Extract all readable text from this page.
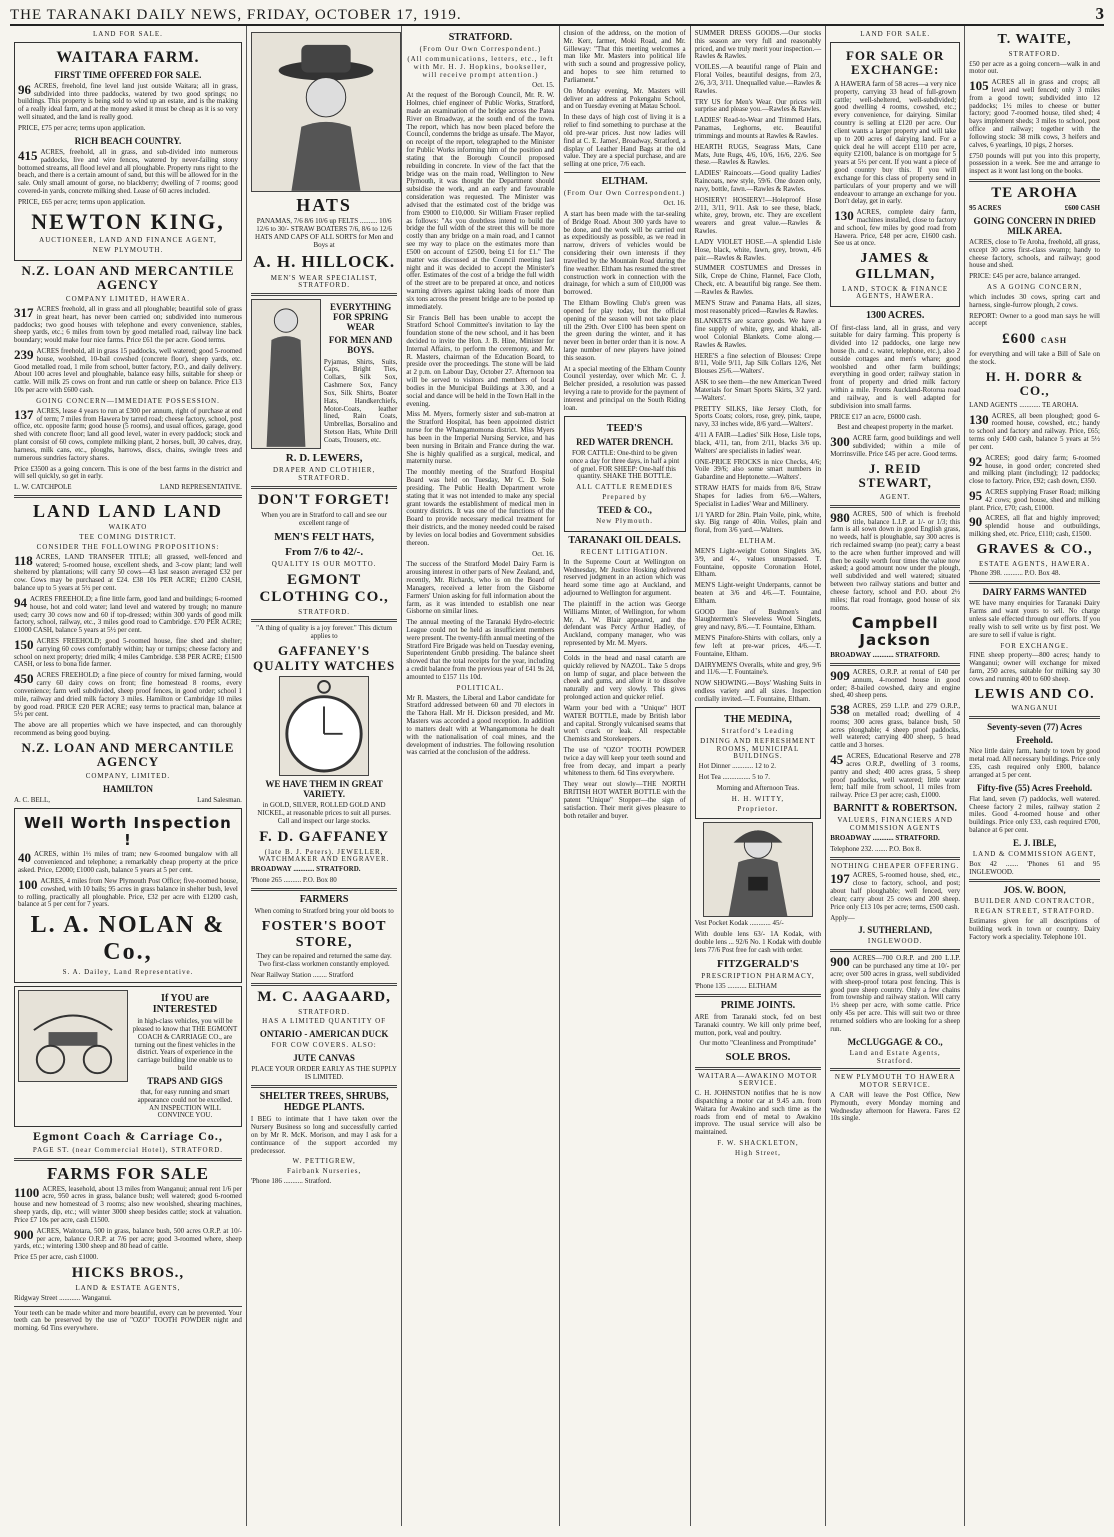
THE TARANAKI DAILY NEWS, FRIDAY, OCTOBER 17, 1919.	3
LAND FOR SALE.
WAITARA FARM.
FIRST TIME OFFERED FOR SALE.
96 ACRES, freehold, fine level land just outside Waitara; all in grass, subdivided into three paddocks, watered by two good springs; no buildings. This property is being sold to wind up an estate, and is the making of a really ideal farm, and at the money asked it must be cheap as it is so very well situated, and the land is really good.
PRICE, £75 per acre; terms upon application.
RICH BEACH COUNTRY.
415 ACRES, freehold, all in grass, and sub-divided into numerous paddocks, live and wire fences, watered by never-failing stony bottomed streams, all flood level and all ploughable. Property runs right to the beach, and there is a certain amount of sand, but this will be allowed for in the sale. Only small amount of gorse, no blackberry; dwelling of 7 rooms; good covered-in yards, concrete milking shed. Lease of 60 acres included.
PRICE, £65 per acre; terms upon application.
NEWTON KING,
AUCTIONEER, LAND AND FINANCE AGENT,
NEW PLYMOUTH.
N.Z. LOAN AND MERCANTILE AGENCY
COMPANY LIMITED, HAWERA.
317 ACRES freehold, all in grass and all ploughable; beautiful sole of grass in great heart, has never been carried on; subdivided into numerous paddocks; two good houses with telephone and every convenience, stables, sheep yards, etc.; 6 miles from town by good metalled road, railway line back boundary; would make four nice farms. Price £61 the per acre. Good terms.
239 ACRES freehold, all in grass 15 paddocks, well watered; good 5-roomed house, woolshed, 10-bail cowshed (concrete floor), sheep yards, etc. Good metalled road, 1 mile from school, butter factory, P.O., and daily delivery. About 100 acres level and ploughable, balance easy hills, suitable for sheep or cattle. Will milk 25 cows on front and run cattle or sheep on balance. Price £13 10s per acre with £600 cash.
GOING CONCERN—IMMEDIATE POSSESSION.
137 ACRES, lease 4 years to run at £300 per annum, right of purchase at end of term; 7 miles from Hawera by tarred road; cheese factory, school, post office, etc. opposite farm; good house (5 rooms), and usual offices, garage, good shed with concrete floor; land all good level, water in every paddock; stock and plant consist of 60 cows, complete milking plant, 2 horses, bull, 30 calves, dray, harness, milk cans, etc., ploughs, harrows, discs, chains, swingle trees and numerous sundries factory shares.
Price £3500 as a going concern. This is one of the best farms in the district and will sell quickly, so get in early.
L. W. CATCHPOLE	LAND REPRESENTATIVE.
LAND LAND LAND
WAIKATO
TEE COMING DISTRICT.
CONSIDER THE FOLLOWING PROPOSITIONS:
118 ACRES, LAND TRANSFER TITLE; all grassed, well-fenced and watered; 5-roomed house, excellent sheds, and 3-cow plant; land well sheltered by plantations; will carry 50 cows—43 last season averaged £32 per cow. Cows may be purchased at £24. £38 10s PER ACRE; £1200 CASH, balance up to 5 years at 5½ per cent.
94 ACRES FREEHOLD; a fine little farm, good land and buildings; 6-roomed house, hot and cold water; land level and watered by trough; no manure used; carry 30 cows now and 60 if top-dressed; within 300 yards of good milk factory, school, railway, etc., 3 miles good road to Cambridge. £70 PER ACRE; £1000 CASH, balance 5 years at 5½ per cent.
150 ACRES FREEHOLD; good 5-roomed house, fine shed and shelter; carrying 60 cows comfortably within; hay or turnips; cheese factory and school on next property; dried milk; 4 miles Cambridge. £38 PER ACRE; £1500 CASH, or less to bona fide farmer.
450 ACRES FREEHOLD; a fine piece of country for mixed farming, would carry 60 dairy cows on front; fine homestead 8 rooms, every convenience; farm well subdivided, sheep proof fences, in good order; school 1 mile, railway and dried milk factory 3 miles. Hamilton or Cambridge 10 miles by good road. PRICE £20 PER ACRE; easy terms to practical man, balance at 5½ per cent.
The above are all properties which we have inspected, and can thoroughly recommend as being good buying.
N.Z. LOAN AND MERCANTILE AGENCY
COMPANY, LIMITED.
HAMILTON
A. C. BELL,	Land Salesman.
Well Worth Inspection !
40 ACRES, within 1½ miles of tram; new 6-roomed bungalow with all convenienced and telephone; a remarkably cheap property at the price asked. Price, £2000; £1000 cash, balance 5 years at 5 per cent.
100 ACRES, 4 miles from New Plymouth Post Office; five-roomed house, cowshed, with 10 bails; 95 acres in grass balance in shelter bush, level to rolling, practically all ploughable. Price, £32 per acre with £1200 cash, balance at 5 per cent for 7 years.
L. A. NOLAN & Co.,
S. A. Dailey, Land Representative.
If YOU are INTERESTED
in high-class vehicles, you will be pleased to know that THE EGMONT COACH & CARRIAGE CO., are turning out the finest vehicles in the district. Years of experience in the carriage building line enable us to build
TRAPS AND GIGS
that, for easy running and smart appearance could not be excelled. AN INSPECTION WILL CONVINCE YOU.
Egmont Coach & Carriage Co.,
PAGE ST. (near Commercial Hotel), STRATFORD.
FARMS FOR SALE
1100 ACRES, leasehold, about 13 miles from Wanganui; annual rent 1/6 per acre, 950 acres in grass, balance bush; well watered; good 6-roomed house and new homestead of 3 rooms; also new woolshed, shearing machines, sheep yards, dip, etc.; will winter 3000 sheep besides cattle; stock at valuation. Price £7 10s per acre, cash £1500.
900 ACRES, Waitotara, 500 in grass, balance bush, 500 acres O.R.P. at 10/- per acre, balance O.R.P. at 7/6 per acre; good 3-roomed where, sheep yards, etc.; wintering 1300 sheep and 80 head of cattle.
Price £5 per acre, cash £1000.
HICKS BROS.,
LAND & ESTATE AGENTS,
Ridgway Street ............ Wanganui.
Your teeth can be made whiter and more beautiful, every can be prevented. Your teeth can be preserved by the use of "OZO" TOOTH POWDER night and morning. 6d Tins everywhere.
HATS
PANAMAS, 7/6 8/6 10/6 up FELTS .......... 10/6 12/6 to 30/- STRAW BOATERS 7/6, 8/6 to 12/6 HATS AND CAPS OF ALL SORTS for Men and Boys at
A. H. HILLOCK.
MEN'S WEAR SPECIALIST, STRATFORD.
EVERYTHING FOR SPRING WEAR
FOR MEN AND BOYS.
Pyjamas, Shirts, Suits, Caps, Bright Ties, Collars, Silk Sox, Cashmere Sox, Fancy Sox, Silk Shirts, Boater Hats, Handkerchiefs, Motor-Coats, leather lined, Rain Coats, Umbrellas, Borsalino and Stetson Hats, White Drill Coats, Trousers, etc.
R. D. LEWERS,
DRAPER AND CLOTHIER, STRATFORD.
DON'T FORGET!
When you are in Stratford to call and see our excellent range of
MEN'S FELT HATS,
From 7/6 to 42/-.
QUALITY IS OUR MOTTO.
EGMONT CLOTHING CO.,
STRATFORD.
"A thing of quality is a joy forever." This dictum applies to
GAFFANEY'S QUALITY WATCHES
WE HAVE THEM IN GREAT VARIETY.
in GOLD, SILVER, ROLLED GOLD AND NICKEL, at reasonable prices to suit all purses. Call and inspect our large stocks.
F. D. GAFFANEY
(late B. J. Peters). JEWELLER, WATCHMAKER AND ENGRAVER.
BROADWAY ............ STRATFORD.
'Phone 265 .......... P.O. Box 80
FARMERS
When coming to Stratford bring your old boots to
FOSTER'S BOOT STORE,
They can be repaired and returned the same day. Two first-class workmen constantly employed.
Near Railway Station ........ Stratford
M. C. AAGAARD,
STRATFORD.
HAS A LIMITED QUANTITY OF
ONTARIO - AMERICAN DUCK
FOR COW COVERS. ALSO:
JUTE CANVAS
PLACE YOUR ORDER EARLY AS THE SUPPLY IS LIMITED.
SHELTER TREES, SHRUBS, HEDGE PLANTS.
I BEG to intimate that I have taken over the Nursery Business so long and successfully carried on by Mr R. McK. Morison, and may I ask for a continuance of the support accorded my predecessor.
W. PETTIGREW,
Fairbank Nurseries,
'Phone 186 ........... Stratford.
STRATFORD.
(From Our Own Correspondent.)
(All communications, letters, etc., left with Mr. H. J. Hopkins, bookseller, will receive prompt attention.)
Oct. 15.
At the request of the Borough Council, Mr. R. W. Holmes, chief engineer of Public Works, Stratford, made an examination of the bridge across the Patea River on Broadway, at the south end of the town. The report, which has now been placed before the Council, condemns the bridge as unsafe. The Mayor, on receipt of the report, telegraphed to the Minister for Public Works informing him of the position and stating that the Borough Council proposed rebuilding in concrete. In view of the fact that the bridge was on the main road, Wellington to New Plymouth, it was thought the Department should subsidise the work, and an early and favourable consideration was requested. The Minister was advised that the estimated cost of the bridge was from £9000 to £10,000. Sir William Fraser replied as follows: "As you doubtless intend to build the bridge the full width of the street this will be more costly than any bridge on a main road, and I cannot see my way to place on the estimates more than £500 on account of £2500, being £1 for £1." The matter was discussed at the Council meeting last night and it was decided to accept the Minister's offer. Estimates of the cost of a bridge the full width of the street are to be prepared at once, and notices warning drivers against taking loads of more than six tons across the present bridge are to be posted up immediately.
Sir Francis Bell has been unable to accept the Stratford School Committee's invitation to lay the foundation stone of the new school, and it has been decided to invite the Hon. J. B. Hine, Minister for Internal Affairs, to perform the ceremony, and Mr. R. Masters, chairman of the Education Board, to preside over the proceedings. The stone will be laid at 2 p.m. on Labour Day, October 27. Afternoon tea will be served to visitors and members of local bodies in the Municipal Buildings at 3.30, and a social and dance will be held in the Town Hall in the evening.
Miss M. Myers, formerly sister and sub-matron at the Stratford Hospital, has been appointed district nurse for the Whangamomona district. Miss Myers has been in the Imperial Nursing Service, and has been nursing in Britain and France during the war. She is highly qualified as a surgical, medical, and maternity nurse.
The monthly meeting of the Stratford Hospital Board was held on Tuesday, Mr C. D. Sole presiding. The Public Health Department wrote stating that it was not intended to make any special grant towards the establishment of medical men in country districts. It was one of the functions of the Board to provide necessary medical treatment for their districts, and the money needed could be raised by levies on local bodies and Government subsidies thereon.
Oct. 16.
The success of the Stratford Model Dairy Farm is arousing interest in other parts of New Zealand, and, recently, Mr. Richards, who is on the Board of Managers, received a letter from the Gisborne Farmers' Union asking for full information about the farm, as it was intended to establish one near Gisborne on similar lines.
The annual meeting of the Taranaki Hydro-electric League could not be held as insufficient members were present. The twenty-fifth annual meeting of the Stratford Fire Brigade was held on Tuesday evening, Superintendent Grubb presiding. The balance sheet showed that the total receipts for the year, including a credit balance from the previous year of £41 9s 2d, amounted to £157 11s 10d.
POLITICAL.
Mr R. Masters, the Liberal and Labor candidate for Stratford addressed between 60 and 70 electors in the Tahora Hall. Mr H. Dickson presided, and Mr. Masters was accorded a good reception. In addition to matters dealt with at Whangamomona he dealt with the nationalisation of coal mines, and the development of industries. The following resolution was carried at the conclusion of the address.
clusion of the address, on the motion of Mr. Kerr, farmer, Moki Road, and Mr. Gilleway: "That this meeting welcomes a man like Mr. Masters into political life with such a sound and progressive policy, and hopes to see him returned to Parliament."
On Monday evening, Mr. Masters will deliver an address at Pokengahu School, and on Tuesday evening at Matau School.
In these days of high cost of living it is a relief to find something to purchase at the old pre-war prices. Just now ladies will find at C. E. James', Broadway, Stratford, a display of Leather Hand Bags at the old value. They are a special purchase, and are selling at one price, 7/6 each.
ELTHAM.
(From Our Own Correspondent.)
Oct. 16.
A start has been made with the tar-sealing of Bridge Road. About 300 yards have to be done, and the work will be carried out as expeditiously as possible, as we read in narrow, drivers of vehicles would be considering their own interests if they travelled by the Mountain Road during the fine weather. Eltham has resumed the street construction work in connection with the drainage, for which a sum of £10,000 was borrowed.
The Eltham Bowling Club's green was opened for play today, but the official opening of the season will not take place till the 29th. Over £100 has been spent on the green during the winter, and it has never been in better order than it is now. A large number of new players have joined this season.
At a special meeting of the Eltham County Council yesterday, over which Mr. C. J. Belcher presided, a resolution was passed levying a rate to provide for the payment of interest and principal on the South Riding loan.
TEED'S
RED WATER DRENCH.
FOR CATTLE: One-third to be given once a day for three days, in half a pint of gruel. FOR SHEEP: One-half this quantity. SHAKE THE BOTTLE.
ALL CATTLE REMEDIES
Prepared by
TEED & CO.,
New Plymouth.
TARANAKI OIL DEALS.
RECENT LITIGATION.
In the Supreme Court at Wellington on Wednesday, Mr Justice Hosking delivered reserved judgment in an action which was heard some time ago at Auckland, and adjourned to Wellington for argument.
The plaintiff in the action was George Williams Minter, of Wellington, for whom Mr. A. W. Blair appeared, and the defendant was Percy Arthur Hadley, of Auckland, company manager, who was represented by Mr. M. Myers.
Colds in the head and nasal catarrh are quickly relieved by NAZOL. Take 5 drops on lump of sugar, and place between the cheek and gums, and allow it to dissolve naturally and very slowly. This gives prolonged action and quicker relief.
Warm your bed with a "Unique" HOT WATER BOTTLE, made by British labor and capital. Strongly vulcanised seams that won't crack or leak. All respectable Chemists and Storekeepers.
The use of "OZO" TOOTH POWDER twice a day will keep your teeth sound and free from decay, and impart a pearly whiteness to them. 6d Tins everywhere.
They wear out slowly—THE NORTH BRITISH HOT WATER BOTTLE with the patent "Unique" Stopper—the sign of satisfaction. Their merit gives pleasure to both retailer and buyer.
SUMMER DRESS GOODS.—Our stocks this season are very full and reasonably priced, and we truly merit your inspection.—Rawles & Rawles.
VOILES.—A beautiful range of Plain and Floral Voiles, beautiful designs, from 2/3, 2/6, 3/3, 3/11. Unequalled value.—Rawles & Rawles.
TRY US for Men's Wear. Our prices will surprise and please you.—Rawles & Rawles.
LADIES' Read-to-Wear and Trimmed Hats, Panamas, Leghorns, etc. Beautiful trimmings and mounts at Rawles & Rawles.
HEARTH RUGS, Seagrass Mats, Cane Mats, Jute Rugs, 4/6, 10/6, 16/6, 22/6. See these.—Rawles & Rawles.
LADIES' Raincoats.—Good quality Ladies' Raincoats, new style, 59/6. One dozen only, navy, bottle, fawn.—Rawles & Rawles.
HOSIERY! HOSIERY!—Holeproof Hose 2/11, 3/11, 9/11. Ask to see these, black, white, grey, brown, etc. They are excellent wearers and great value.—Rawles & Rawles.
LADY VIOLET HOSE.—A splendid Lisle Hose, black, white, fawn, grey, brown, 4/6 pair.—Rawles & Rawles.
SUMMER COSTUMES and Dresses in Silk, Crepe de Chine, Flannel, Face Cloth, Check, etc. A beautiful big range. See them.—Rawles & Rawles.
MEN'S Straw and Panama Hats, all sizes, most reasonably priced—Rawles & Rawles.
BLANKETS are scarce goods. We have a fine supply of white, grey, and khaki, all-wool Colonial Blankets. Come along.—Rawles & Rawles.
HERE'S a fine selection of Blouses: Crepe 8/11, Voile 9/11, Jap Silk Collars 12/6, Net Blouses 25/6.—Walters'.
ASK to see them—the new American Tweed Materials for Smart Sports Skirts, 3/2 yard.—Walters'.
PRETTY SILKS, like Jersey Cloth, for Sports Coats; colors, rose, grey, pink, taupe, navy, 33 inches wide, 8/6 yard.—Walters'.
4/11 A FAIR—Ladies' Silk Hose, Lisle tops, black, 4/11, tan, from 2/11, blacks 3/6 up. Walters' are specialists in ladies' wear.
ONE-PRICE FROCKS in nice Checks, 4/6; Voile 39/6; also some smart numbers in Gabardine and Heptonette.—Walters'.
STRAW HATS for maids from 8/6, Straw Shapes for ladies from 6/6.—Walters, Specialist in Ladies' Wear and Millinery.
1/1 YARD for 28in. Plain Voile, pink, white, sky. Big range of 40in. Voiles, plain and floral, from 3/6 yard.—Walters.
ELTHAM.
MEN'S Light-weight Cotton Singlets 3/6, 3/9, and 4/-, values unsurpassed. T. Fountaine, opposite Coronation Hotel, Eltham.
MEN'S Light-weight Underpants, cannot be beaten at 3/6 and 4/6.—T. Fountaine, Eltham.
GOOD line of Bushmen's and Slaughtermen's Sleeveless Wool Singlets, grey and navy, 8/6.—T. Fountaine, Eltham.
MEN'S Pinafore-Shirts with collars, only a few left at pre-war prices, 4/6.—T. Fountaine, Eltham.
DAIRYMEN'S Overalls, white and grey, 9/6 and 11/6.—T. Fountaine's.
NOW SHOWING.—Boys' Washing Suits in endless variety and all sizes. Inspection cordially invited.—T. Fountaine, Eltham.
THE MEDINA,
Stratford's Leading
DINING AND REFRESHMENT ROOMS, MUNICIPAL BUILDINGS.
Hot Dinner ............ 12 to 2.
Hot Tea ................ 5 to 7.
Morning and Afternoon Teas.
H. H. WITTY,
Proprietor.
Vest Pocket Kodak ............ 45/-
With double lens 63/- 1A Kodak, with double lens ... 92/6 No. 1 Kodak with double lens 77/6 Post free for cash with order.
FITZGERALD'S
PRESCRIPTION PHARMACY,
'Phone 135 ........... ELTHAM
PRIME JOINTS.
ARE from Taranaki stock, fed on best Taranaki country. We kill only prime beef, mutton, pork, veal and poultry.
Our motto "Cleanliness and Promptitude"
SOLE BROS.
WAITARA—AWAKINO MOTOR SERVICE.
C. H. JOHNSTON notifies that he is now dispatching a motor car at 9.45 a.m. from Waitara for Awakino and such time as the roads from end of metal to Awakino improve. The usual service will also be maintained.
F. W. SHACKLETON,
High Street,
LAND FOR SALE.
FOR SALE OR EXCHANGE:
A HAWERA farm of 58 acres—a very nice property, carrying 33 head of full-grown cattle; well-sheltered, well-subdivided; good dwelling 4 rooms, cowshed, etc.; every convenience, for dairying. Similar country is selling at £120 per acre. Our client wants a larger property and will take up to 200 acres of dairying land. For a quick deal he will accept £110 per acre, equity £2100, balance is on mortgage for 5 years at 5½ per cent. If you want a piece of good country buy this. If you will exchange for this class of property send in particulars of your property and we will endeavour to arrange an exchange for you. Don't delay, get in early.
130 ACRES, complete dairy farm, machines installed, close to factory and school, few miles by good road from Hawera. Price, £48 per acre, £1600 cash. See us at once.
JAMES & GILLMAN,
LAND, STOCK & FINANCE AGENTS, HAWERA.
1300 ACRES.
Of first-class land, all in grass, and very suitable for dairy farming. This property is divided into 12 paddocks, one large new house (h. and c. water, telephone, etc.), also 2 outside cottages and men's whare; good woolshed and other farm buildings; everything in good order; railway station in front of property and dried milk factory within a mile. Fronts Auckland-Rotorua road and railway, and is well adapted for subdivision into small farms.
PRICE £17 an acre, £6000 cash.
Best and cheapest property in the market.
300 ACRE farm, good buildings and well subdivided; within a mile of Morrinsville. Price £45 per acre. Good terms.
J. REID STEWART,
AGENT.
980 ACRES, 500 of which is freehold title, balance L.I.P. at 1/- or 1/3; this farm is all sown down in good English grass, no weeds, half is ploughable, say 300 acres is rich reclaimed swamp (no peat); carry a beast to the acre when further improved and will then be easily worth four times the value now asked; a good amount now under the plough, well subdivided and well watered; situated between two railway stations and butter and cheese factory, school and P.O. about 2½ miles; flat road frontage, good house of six rooms.
Campbell Jackson
BROADWAY ............ STRATFORD.
909 ACRES, O.R.P. at rental of £40 per annum, 4-roomed house in good order; 8-bailed cowshed, dairy and engine shed, 40 sheep pens.
538 ACRES, 259 L.I.P. and 279 O.R.P., on metalled road; dwelling of 4 rooms; 300 acres grass, balance bush, 50 acres ploughable; 4 sheep proof paddocks, well watered; carrying 400 sheep, 5 head cattle and 3 horses.
45 ACRES, Educational Reserve and 278 acres O.R.P., dwelling of 3 rooms, pantry and shed; 400 acres grass, 5 sheep proof paddocks, well watered; little water fern; half mile from school, 11 miles from railway. Price £3 per acre; cash, £1000.
BARNITT & ROBERTSON.
VALUERS, FINANCIERS AND COMMISSION AGENTS
BROADWAY ............ STRATFORD.
Telephone 232. ....... P.O. Box 8.
NOTHING CHEAPER OFFERING.
197 ACRES, 5-roomed house, shed, etc., close to factory, school, and post; about half ploughable; well fenced, very clean; carry about 25 cows and 200 sheep. Price only £13 10s per acre; terms, £500 cash.
Apply—
J. SUTHERLAND,
INGLEWOOD.
900 ACRES—700 O.R.P. and 200 L.I.P. can be purchased any time at 10/- per acre; over 500 acres in grass, well subdivided with sheep-proof totara post fencing. This is good pure sheep country. Only a few chains from township and railway station. Will carry 1½ sheep per acre, with some cattle. Price only 45s per acre. This will suit two or three returned soldiers who are looking for a sheep run.
McCLUGGAGE & CO.,
Land and Estate Agents, Stratford.
NEW PLYMOUTH TO HAWERA MOTOR SERVICE.
A CAR will leave the Post Office, New Plymouth, every Monday morning and Wednesday afternoon for Hawera. Fares £2 10s single.
T. WAITE,
STRATFORD.
£50 per acre as a going concern—walk in and motor out.
105 ACRES all in grass and crops; all level and well fenced; only 3 miles from a good town; subdivided into 12 paddocks; 1½ miles to cheese or butter factory; good 7-roomed house, tiled shed; 4 bays implement sheds; 3 miles to school, post office and railway; together with the following stock: 38 milk cows, 3 heifers and calves, 6 yearlings, 10 pigs, 2 horses.
£750 pounds will put you into this property, possession in a week. See me and arrange to inspect as it wont last long on the books.
TE AROHA
95 ACRES	£600 CASH
GOING CONCERN IN DRIED MILK AREA.
ACRES, close to Te Aroha, freehold, all grass, except 30 acres first-class swamp; handy to cheese factory, schools, and railway; good house and shed.
PRICE: £45 per acre, balance arranged.
AS A GOING CONCERN,
which includes 30 cows, spring cart and harness, single-furrow plough, 2 cows.
REPORT: Owner to a good man says he will accept
£600 CASH
for everything and will take a Bill of Sale on the stock.
H. H. DORR & CO.,
LAND AGENTS ............ TE AROHA.
130 ACRES, all been ploughed; good 6-roomed house, cowshed, etc.; handy to school and factory and railway. Price, £65; terms only £400 cash, balance 5 years at 5½ per cent.
92 ACRES; good dairy farm; 6-roomed house, in good order; concreted shed and milking plant (including); 12 paddocks; close to factory. Price, £92; cash down, £350.
95 ACRES supplying Fraser Road; milking 42 cows; good house, shed and milking plant. Price, £70; cash, £1000.
90 ACRES, all flat and highly improved; splendid house and outbuildings, milking shed, etc. Price, £110; cash, £1500.
GRAVES & CO.,
ESTATE AGENTS, HAWERA.
'Phone 398. ........... P.O. Box 48.
DAIRY FARMS WANTED
WE have many enquiries for Taranaki Dairy Farms and want yours to sell. No charge unless sale effected through our efforts. If you really wish to sell write us by first post. We are sure to sell if value is right.
FOR EXCHANGE.
FINE sheep property—800 acres; handy to Wanganui; owner will exchange for mixed farm, 250 acres, suitable for milking say 30 cows and running 400 to 600 sheep.
LEWIS AND CO.
WANGANUI
Seventy-seven (77) Acres
Freehold.
Nice little dairy farm, handy to town by good metal road. All necessary buildings. Price only £35, cash required only £800, balance arranged at 5 per cent.
Fifty-five (55) Acres Freehold.
Flat land, seven (7) paddocks, well watered. Cheese factory 2 miles, railway station 2 miles. Good 4-roomed house and other buildings. Price only £33, cash required £700, balance at 6 per cent.
E. J. IBLE,
LAND & COMMISSION AGENT,
Box 42 ....... 'Phones 61 and 95 INGLEWOOD.
JOS. W. BOON,
BUILDER AND CONTRACTOR,
REGAN STREET, STRATFORD.
Estimates given for all descriptions of building work in town or country. Dairy Factory work a speciality. Telephone 101.
